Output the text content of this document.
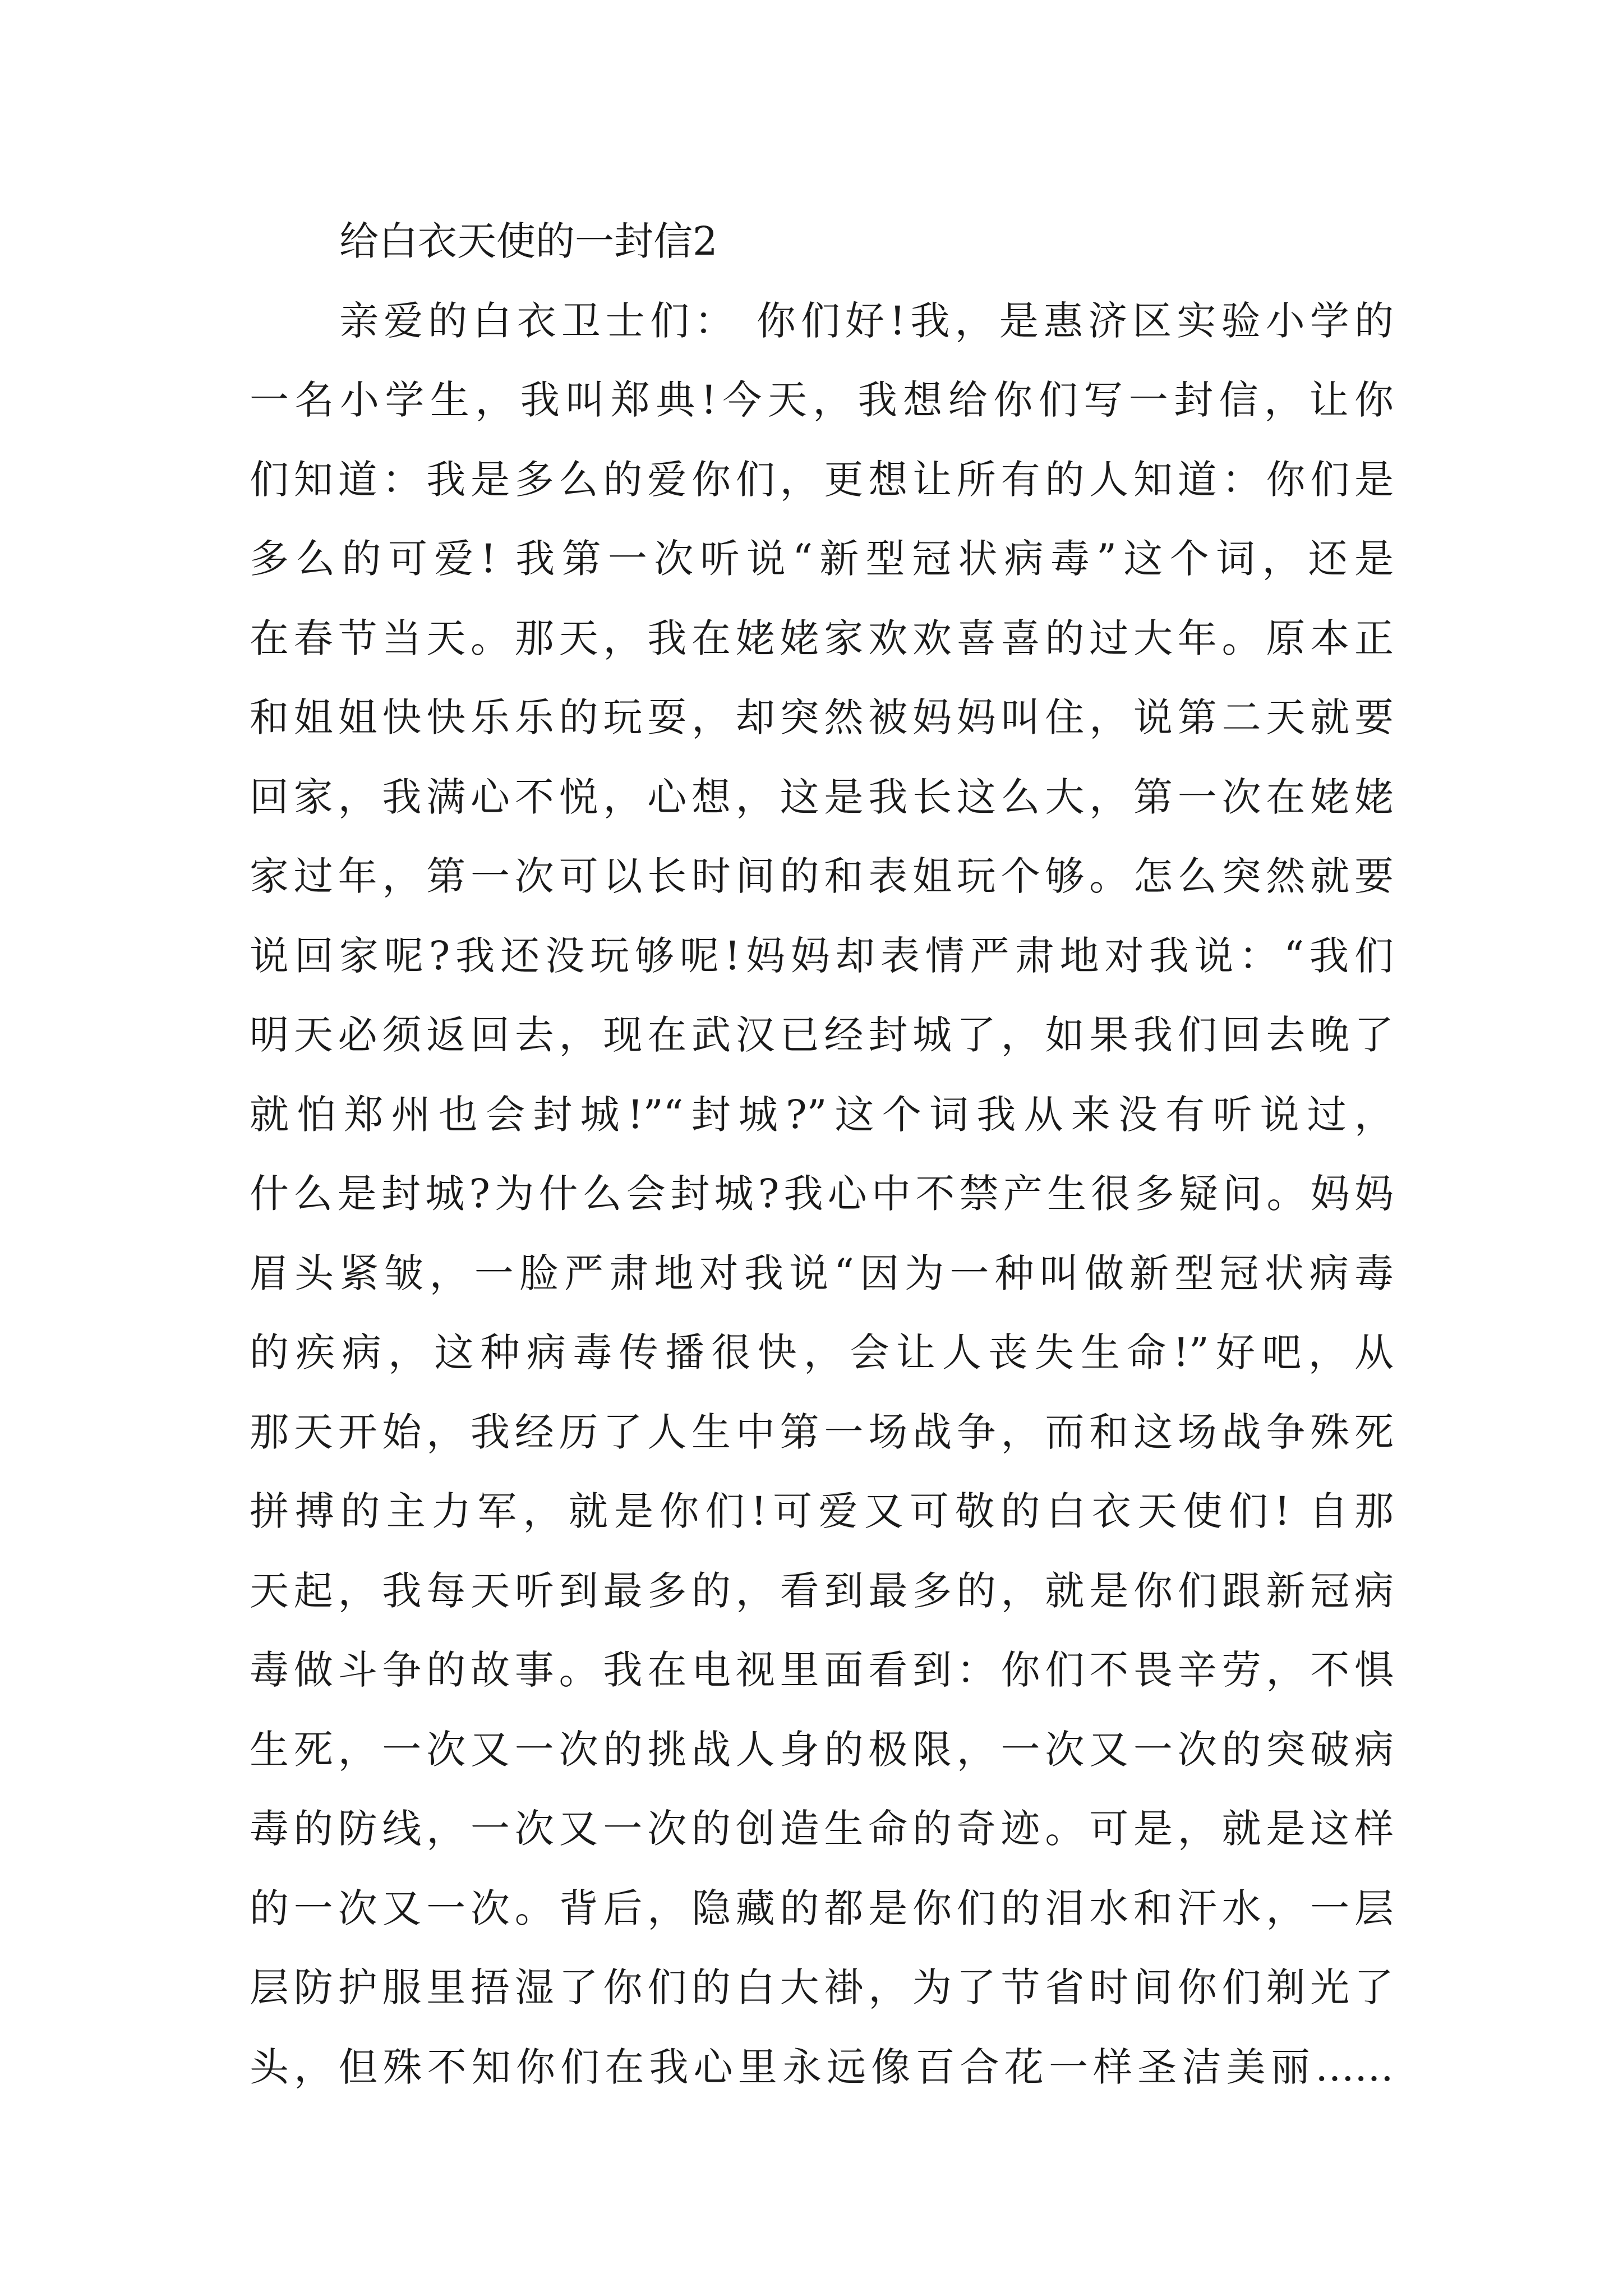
给白衣天使的一封信2
亲爱的白衣卫士们： 你们好!我，是惠济区实验小学的
一名小学生，我叫郑典!今天，我想给你们写一封信，让你
们知道：我是多么的爱你们，更想让所有的人知道：你们是
多么的可爱! 我第一次听说“新型冠状病毒”这个词，还是
在春节当天。那天，我在姥姥家欢欢喜喜的过大年。原本正
和姐姐快快乐乐的玩耍，却突然被妈妈叫住，说第二天就要
回家，我满心不悦，心想，这是我长这么大，第一次在姥姥
家过年，第一次可以长时间的和表姐玩个够。怎么突然就要
说回家呢?我还没玩够呢!妈妈却表情严肃地对我说：“我们
明天必须返回去，现在武汉已经封城了，如果我们回去晚了
就怕郑州也会封城!”“封城?”这个词我从来没有听说过，
什么是封城?为什么会封城?我心中不禁产生很多疑问。妈妈
眉头紧皱，一脸严肃地对我说“因为一种叫做新型冠状病毒
的疾病，这种病毒传播很快，会让人丧失生命!”好吧，从
那天开始，我经历了人生中第一场战争，而和这场战争殊死
拼搏的主力军，就是你们!可爱又可敬的白衣天使们! 自那
天起，我每天听到最多的，看到最多的，就是你们跟新冠病
毒做斗争的故事。我在电视里面看到：你们不畏辛劳，不惧
生死，一次又一次的挑战人身的极限，一次又一次的突破病
毒的防线，一次又一次的创造生命的奇迹。可是，就是这样
的一次又一次。背后，隐藏的都是你们的泪水和汗水，一层
层防护服里捂湿了你们的白大褂，为了节省时间你们剃光了
头，但殊不知你们在我心里永远像百合花一样圣洁美丽……
